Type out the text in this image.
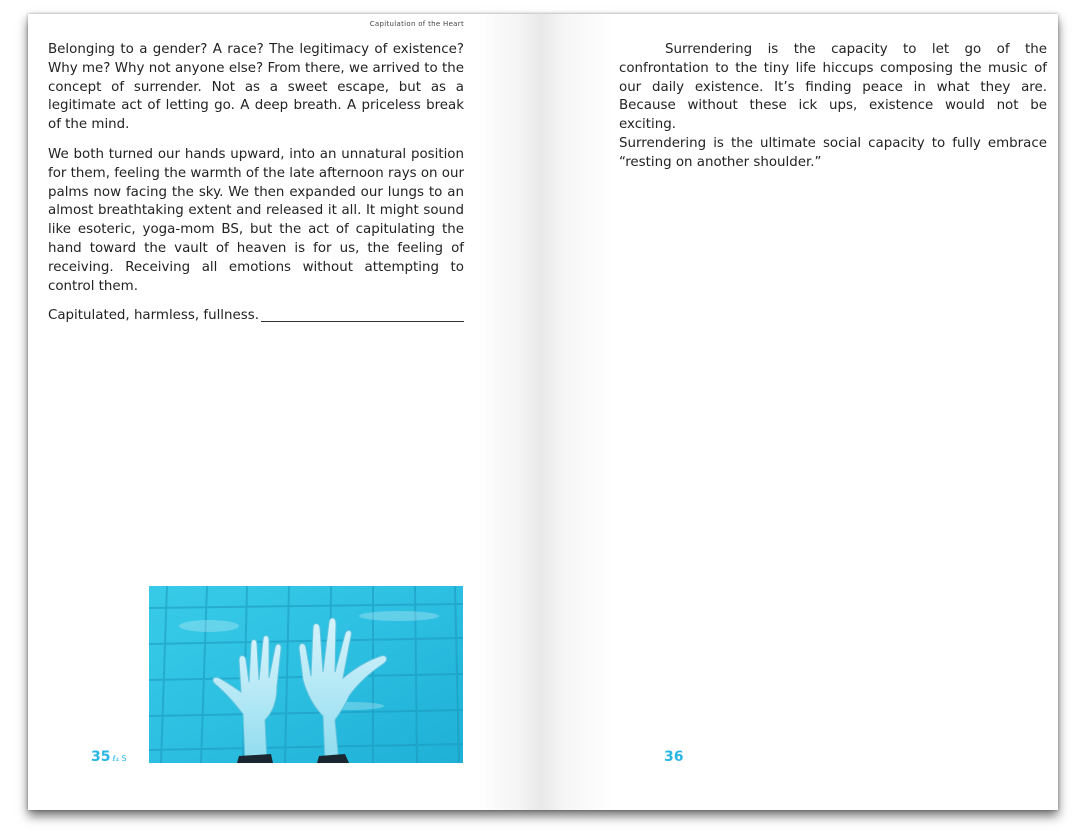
Capitulation of the Heart

Belonging to a gender? A race? The legitimacy of existence? Why me? Why not anyone else? From there, we arrived to the concept of surrender. Not as a sweet escape, but as a legitimate act of letting go. A deep breath. A priceless break of the mind.

We both turned our hands upward, into an unnatural position for them, feeling the warmth of the late afternoon rays on our palms now facing the sky. We then expanded our lungs to an almost breathtaking extent and released it all. It might sound like esoteric, yoga-mom BS, but the act of capitulating the hand toward the vault of heaven is for us, the feeling of receiving. Receiving all emotions without attempting to control them.

Capitulated, harmless, fullness.
35 ℓ₄ S

Surrendering is the capacity to let go of the confrontation to the tiny life hiccups composing the music of our daily existence. It’s finding peace in what they are. Because without these ick ups, existence would not be exciting.

Surrendering is the ultimate social capacity to fully embrace “resting on another shoulder.”

36
